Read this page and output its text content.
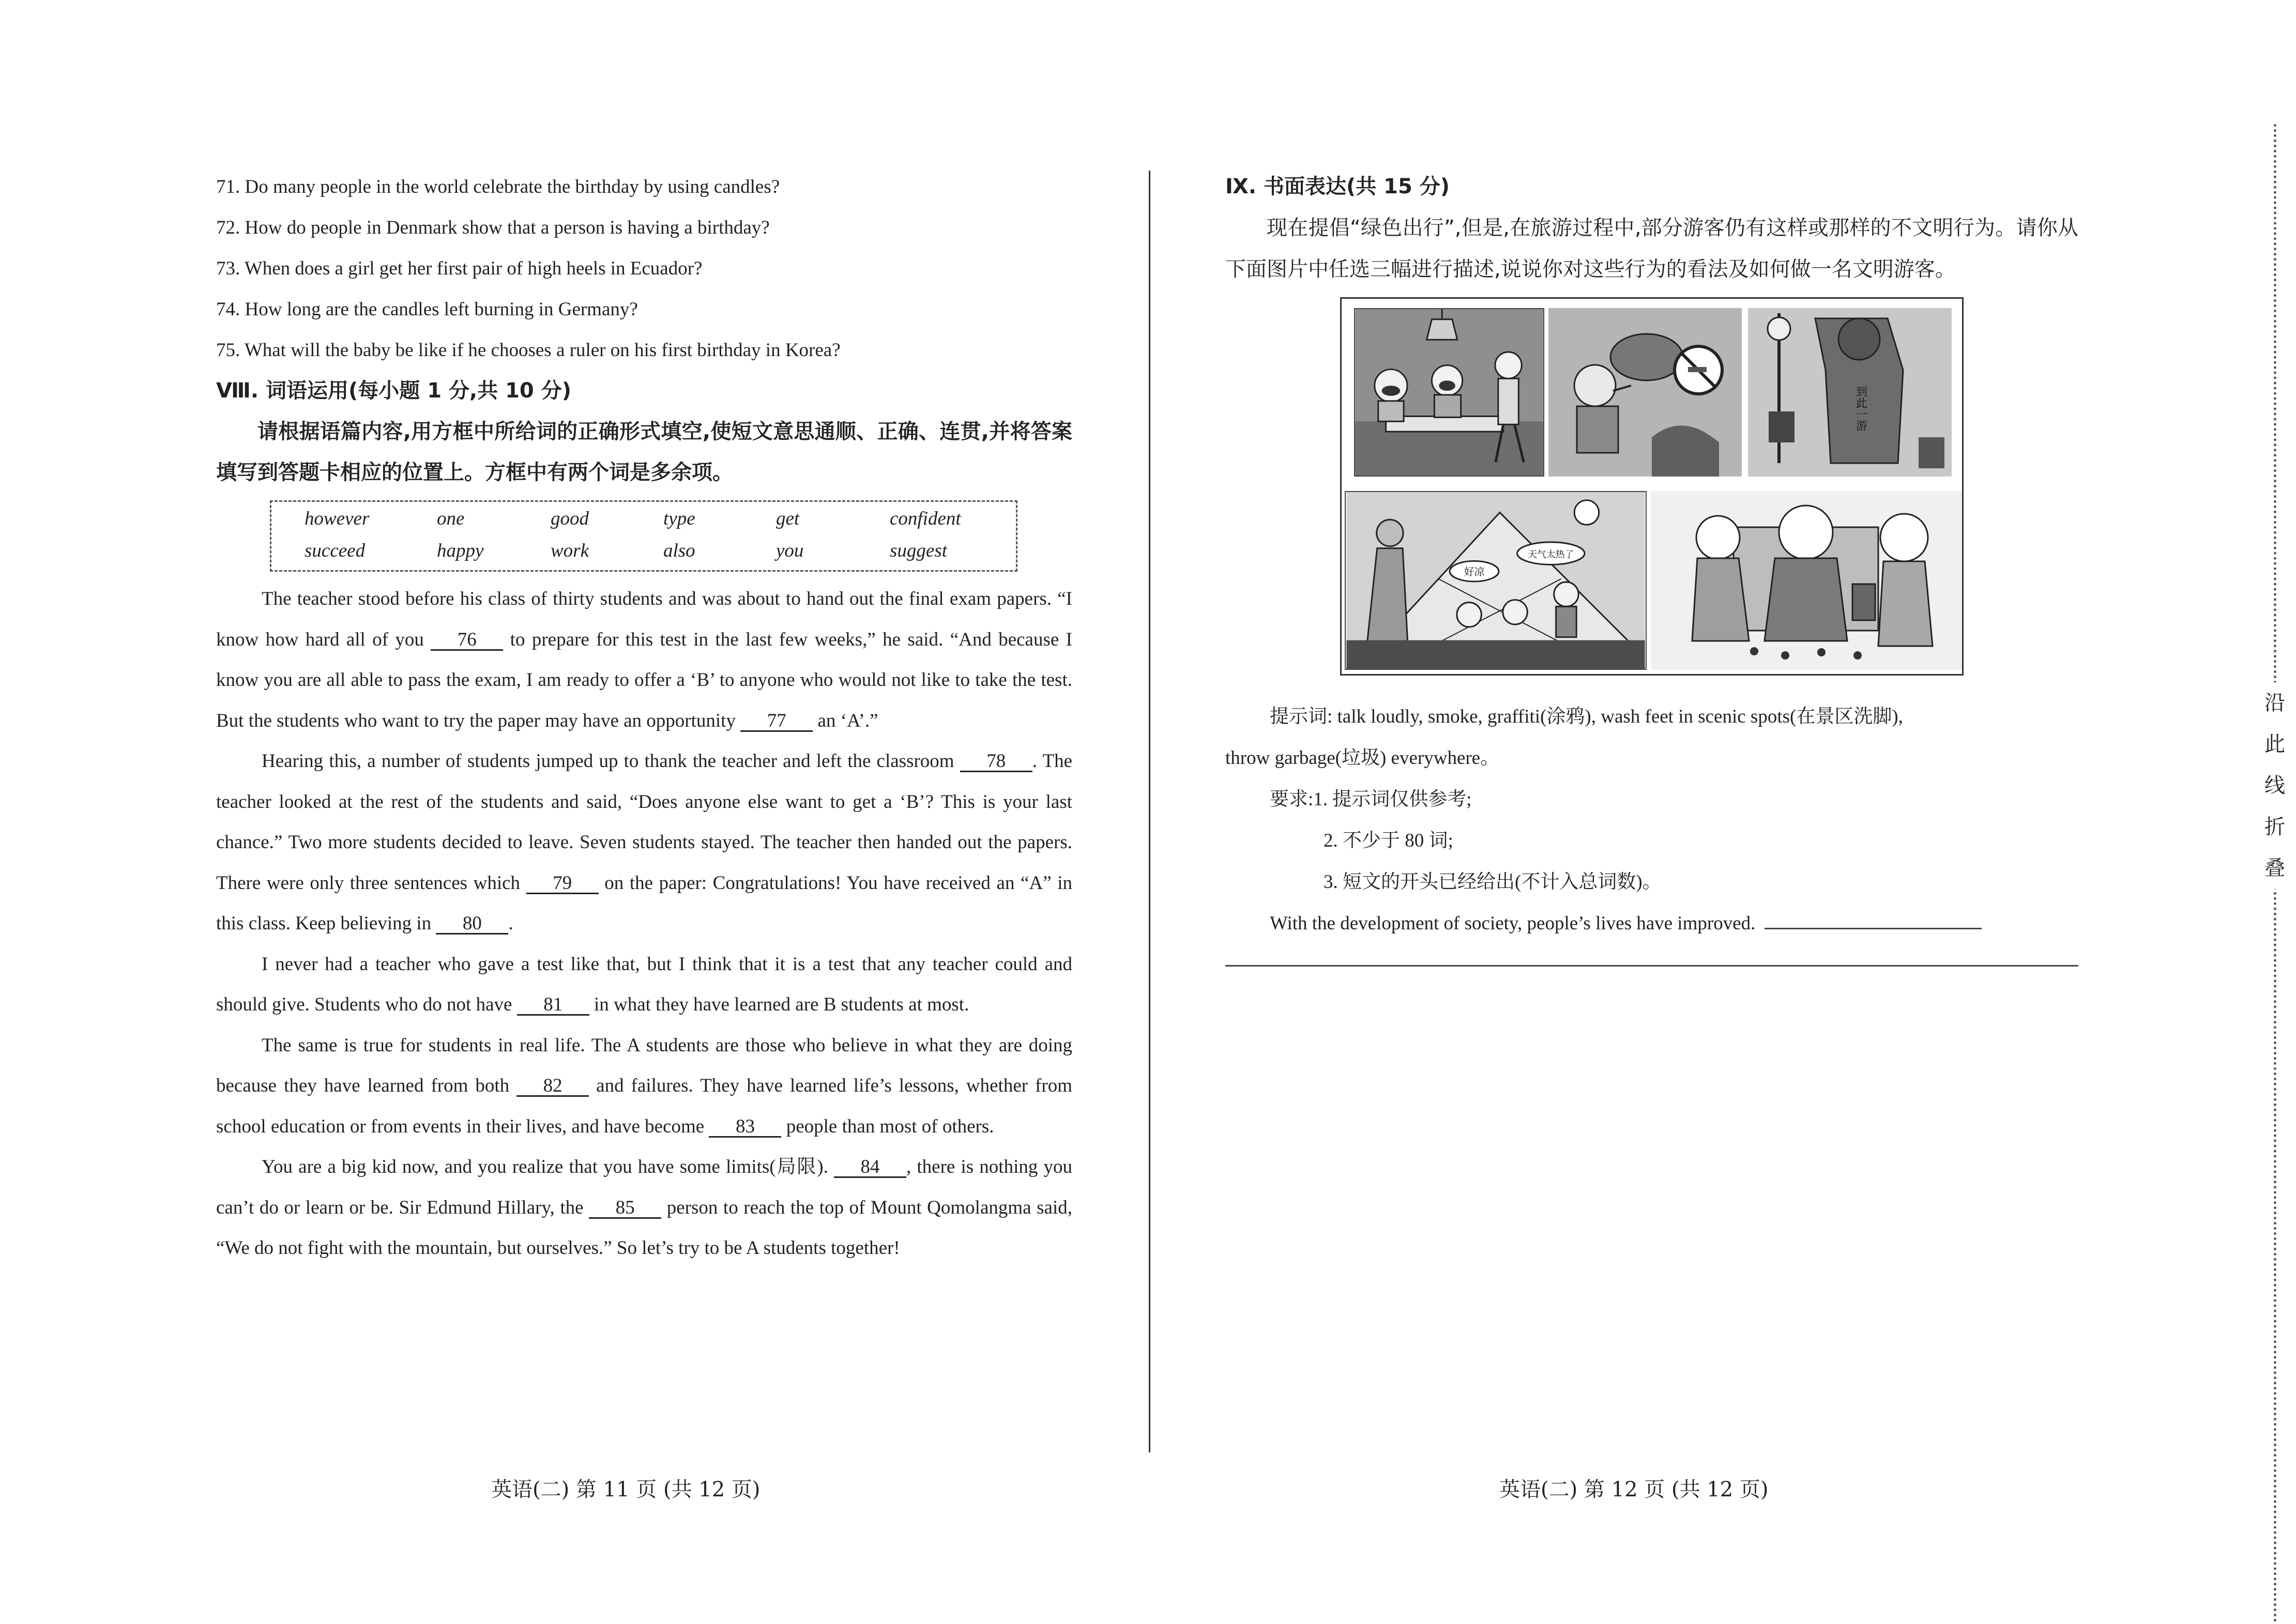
沿
此
线
折
叠
71. Do many people in the world celebrate the birthday by using candles?
72. How do people in Denmark show that a person is having a birthday?
73. When does a girl get her first pair of high heels in Ecuador?
74. How long are the candles left burning in Germany?
75. What will the baby be like if he chooses a ruler on his first birthday in Korea?
Ⅷ. 词语运用(每小题 1 分,共 10 分)
请根据语篇内容,用方框中所给词的正确形式填空,使短文意思通顺、正确、连贯,并将答案填写到答题卡相应的位置上。方框中有两个词是多余项。
however	one	good	type	get	confident
succeed	happy	work	also	you	suggest

The teacher stood before his class of thirty students and was about to hand out the final exam papers. “I know how hard all of you 76 to prepare for this test in the last few weeks,” he said. “And because I know you are all able to pass the exam, I am ready to offer a ‘B’ to anyone who would not like to take the test. But the students who want to try the paper may have an opportunity 77 an ‘A’.”

Hearing this, a number of students jumped up to thank the teacher and left the classroom 78 . The teacher looked at the rest of the students and said, “Does anyone else want to get a ‘B’? This is your last chance.” Two more students decided to leave. Seven students stayed. The teacher then handed out the papers. There were only three sentences which 79 on the paper: Congratulations! You have received an “A” in this class. Keep believing in 80 .

I never had a teacher who gave a test like that, but I think that it is a test that any teacher could and should give. Students who do not have 81 in what they have learned are B students at most.

The same is true for students in real life. The A students are those who believe in what they are doing because they have learned from both 82 and failures. They have learned life’s lessons, whether from school education or from events in their lives, and have become 83 people than most of others.

You are a big kid now, and you realize that you have some limits(局限). 84 , there is nothing you can’t do or learn or be. Sir Edmund Hillary, the 85 person to reach the top of Mount Qomolangma said, “We do not fight with the mountain, but ourselves.” So let’s try to be A students together!

Ⅸ. 书面表达(共 15 分)
现在提倡“绿色出行”,但是,在旅游过程中,部分游客仍有这样或那样的不文明行为。请你从下面图片中任选三幅进行描述,说说你对这些行为的看法及如何做一名文明游客。
到此一游
好凉
天气太热了
提示词: talk loudly, smoke, graffiti(涂鸦), wash feet in scenic spots(在景区洗脚),
throw garbage(垃圾) everywhere。
要求:1. 提示词仅供参考;
2. 不少于 80 词;
3. 短文的开头已经给出(不计入总词数)。
With the development of society, people’s lives have improved.
英语(二) 第 11 页 (共 12 页)	英语(二) 第 12 页 (共 12 页)
